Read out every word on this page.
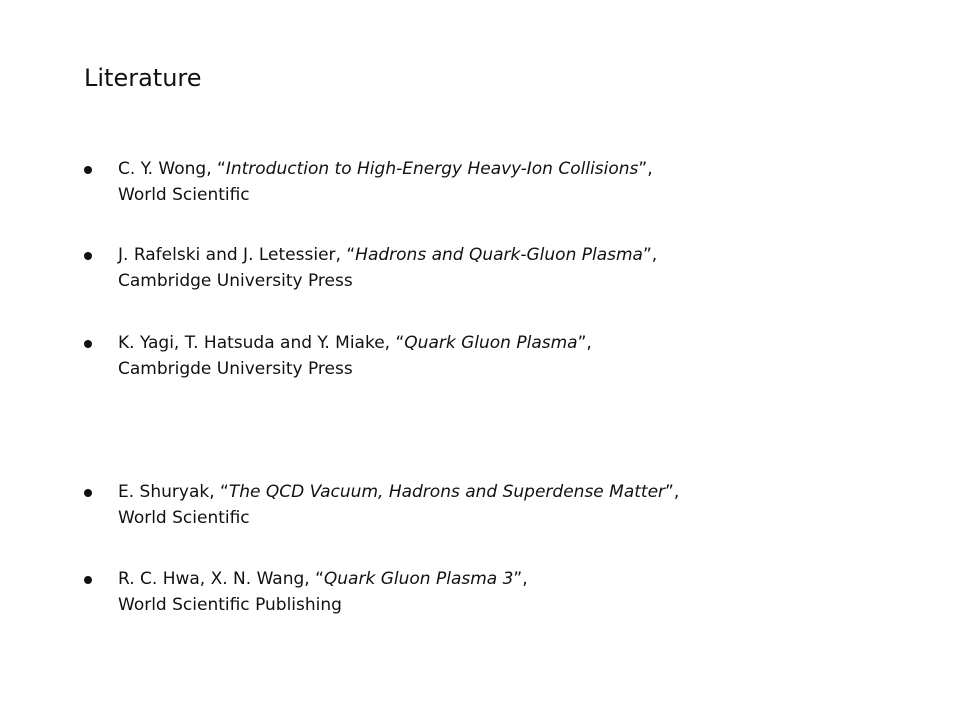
Literature
C. Y. Wong, “Introduction to High-Energy Heavy-Ion Collisions”,
World Scientific
J. Rafelski and J. Letessier, “Hadrons and Quark-Gluon Plasma”,
Cambridge University Press
K. Yagi, T. Hatsuda and Y. Miake, “Quark Gluon Plasma”,
Cambrigde University Press
E. Shuryak, “The QCD Vacuum, Hadrons and Superdense Matter”,
World Scientific
R. C. Hwa, X. N. Wang, “Quark Gluon Plasma 3”,
World Scientific Publishing
